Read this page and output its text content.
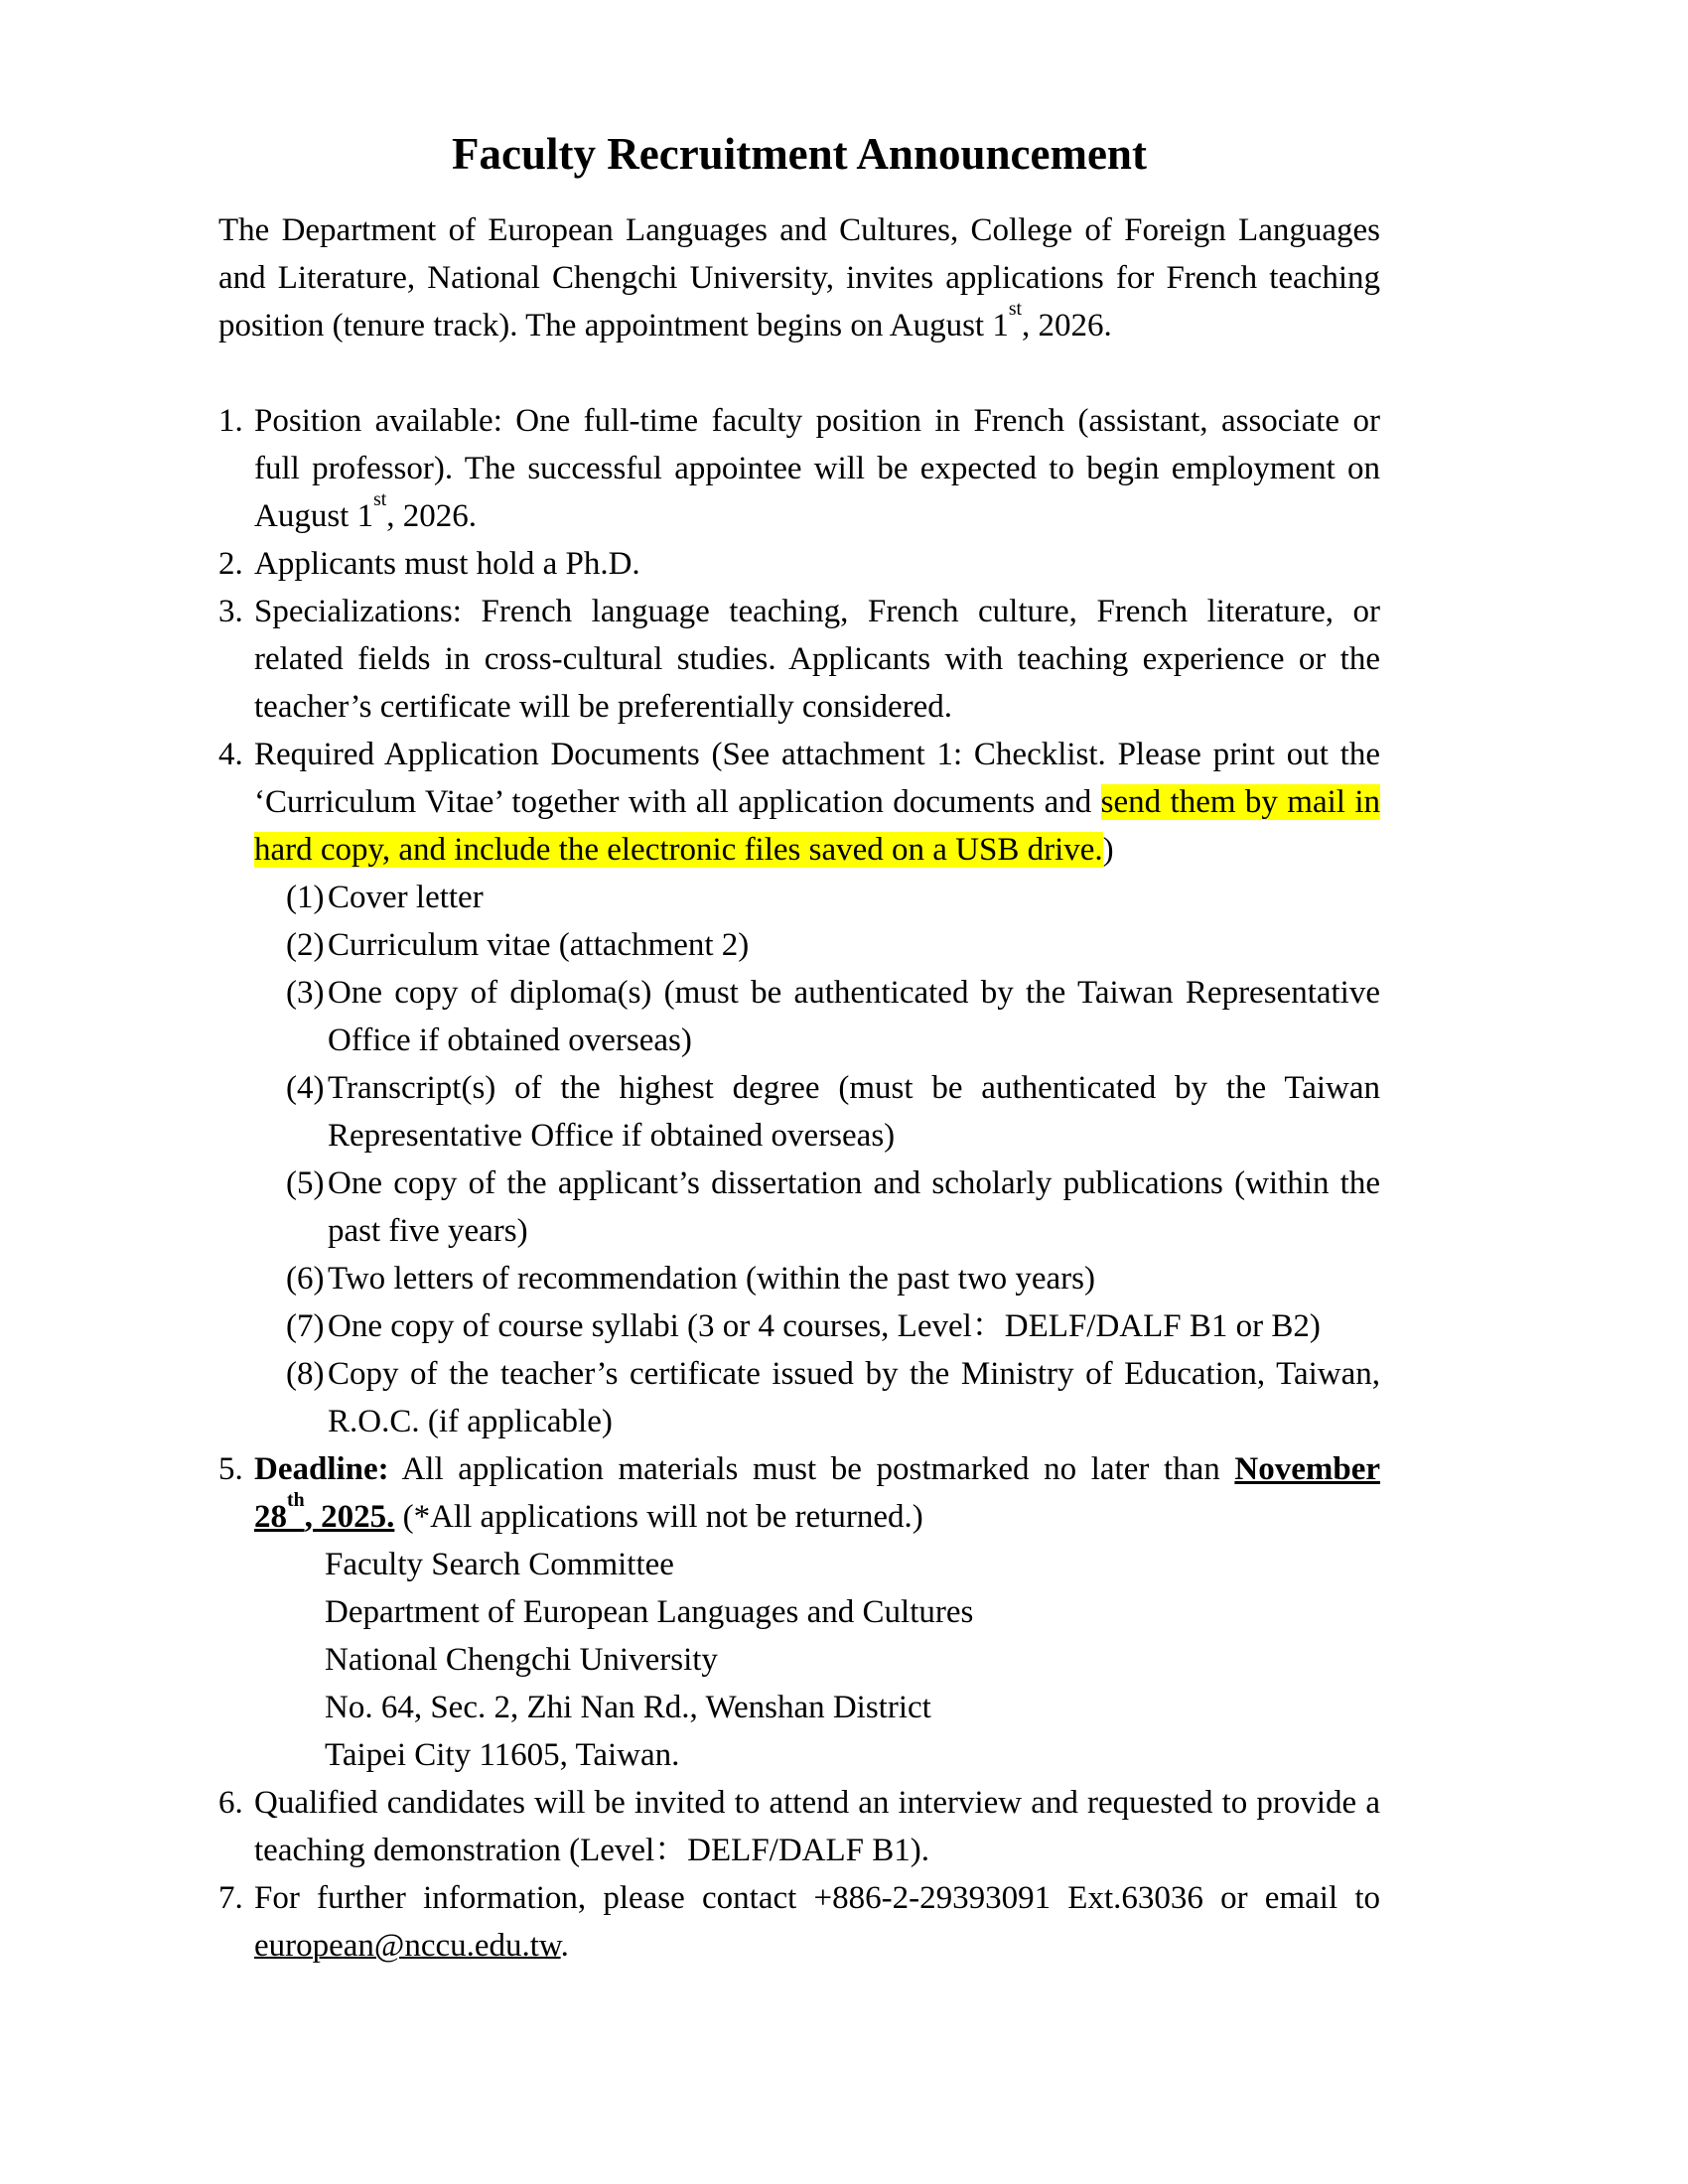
Faculty Recruitment Announcement

The Department of European Languages and Cultures, College of Foreign Languages and Literature, National Chengchi University, invites applications for French teaching position (tenure track). The appointment begins on August 1st, 2026.

1. Position available: One full-time faculty position in French (assistant, associate or full professor). The successful appointee will be expected to begin employment on August 1st, 2026.
2. Applicants must hold a Ph.D.
3. Specializations: French language teaching, French culture, French literature, or related fields in cross-cultural studies. Applicants with teaching experience or the teacher’s certificate will be preferentially considered.
4. Required Application Documents (See attachment 1: Checklist. Please print out the ‘Curriculum Vitae’ together with all application documents and send them by mail in hard copy, and include the electronic files saved on a USB drive.)
(1) Cover letter
(2) Curriculum vitae (attachment 2)
(3) One copy of diploma(s) (must be authenticated by the Taiwan Representative Office if obtained overseas)
(4) Transcript(s) of the highest degree (must be authenticated by the Taiwan Representative Office if obtained overseas)
(5) One copy of the applicant’s dissertation and scholarly publications (within the past five years)
(6) Two letters of recommendation (within the past two years)
(7) One copy of course syllabi (3 or 4 courses, Level：DELF/DALF B1 or B2)
(8) Copy of the teacher’s certificate issued by the Ministry of Education, Taiwan, R.O.C. (if applicable)
5. Deadline: All application materials must be postmarked no later than November 28th, 2025. (*All applications will not be returned.)
Faculty Search Committee
Department of European Languages and Cultures
National Chengchi University
No. 64, Sec. 2, Zhi Nan Rd., Wenshan District
Taipei City 11605, Taiwan.
6. Qualified candidates will be invited to attend an interview and requested to provide a teaching demonstration (Level：DELF/DALF B1).
7. For further information, please contact +886-2-29393091 Ext.63036 or email to european@nccu.edu.tw.
